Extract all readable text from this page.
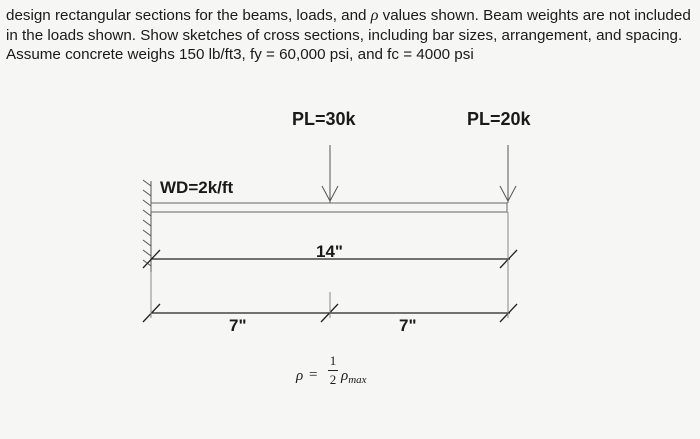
design rectangular sections for the beams, loads, and ρ values shown. Beam weights are not included in the loads shown. Show sketches of cross sections, including bar sizes, arrangement, and spacing. Assume concrete weighs 150 lb/ft3, fy = 60,000 psi, and fc = 4000 psi

PL=30k	PL=20k
WD=2k/ft
14"
7"	7"
ρ =
1
2 $\rho_{max}$
